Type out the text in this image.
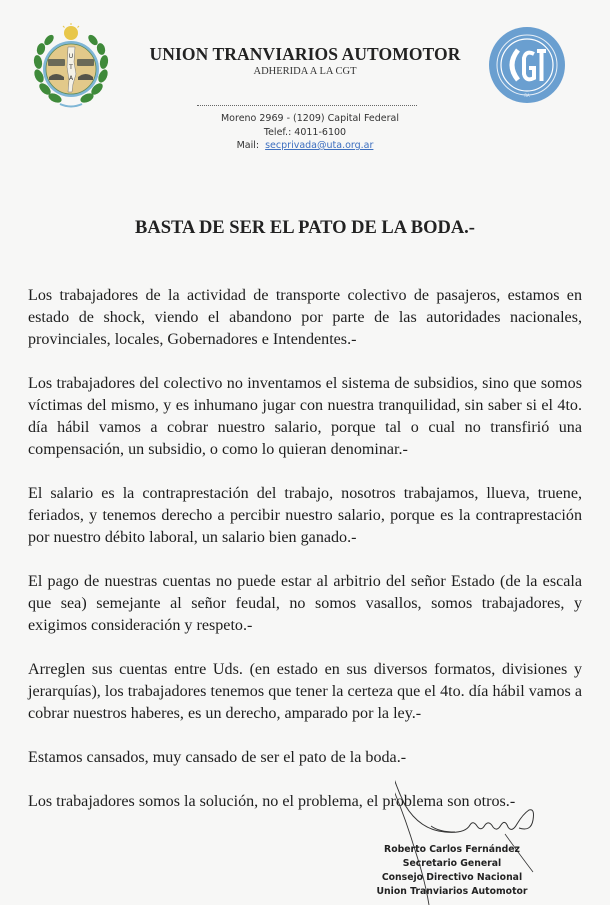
U
T
A
RA
UNION TRANVIARIOS AUTOMOTOR
ADHERIDA A LA CGT
Moreno 2969 - (1209) Capital Federal
Telef.: 4011-6100
Mail: secprivada@uta.org.ar
BASTA DE SER EL PATO DE LA BODA.-

Los trabajadores de la actividad de transporte colectivo de pasajeros, estamos en estado de shock, viendo el abandono por parte de las autoridades nacionales, provinciales, locales, Gobernadores e Intendentes.-

Los trabajadores del colectivo no inventamos el sistema de subsidios, sino que somos víctimas del mismo, y es inhumano jugar con nuestra tranquilidad, sin saber si el 4to. día hábil vamos a cobrar nuestro salario, porque tal o cual no transfirió una compensación, un subsidio, o como lo quieran denominar.-

El salario es la contraprestación del trabajo, nosotros trabajamos, llueva, truene, feriados, y tenemos derecho a percibir nuestro salario, porque es la contraprestación por nuestro débito laboral, un salario bien ganado.-

El pago de nuestras cuentas no puede estar al arbitrio del señor Estado (de la escala que sea) semejante al señor feudal, no somos vasallos, somos trabajadores, y exigimos consideración y respeto.-

Arreglen sus cuentas entre Uds. (en estado en sus diversos formatos, divisiones y jerarquías), los trabajadores tenemos que tener la certeza que el 4to. día hábil vamos a cobrar nuestros haberes, es un derecho, amparado por la ley.-

Estamos cansados, muy cansado de ser el pato de la boda.-

Los trabajadores somos la solución, no el problema, el problema son otros.-

Roberto Carlos Fernández
Secretario General
Consejo Directivo Nacional
Union Tranviarios Automotor
